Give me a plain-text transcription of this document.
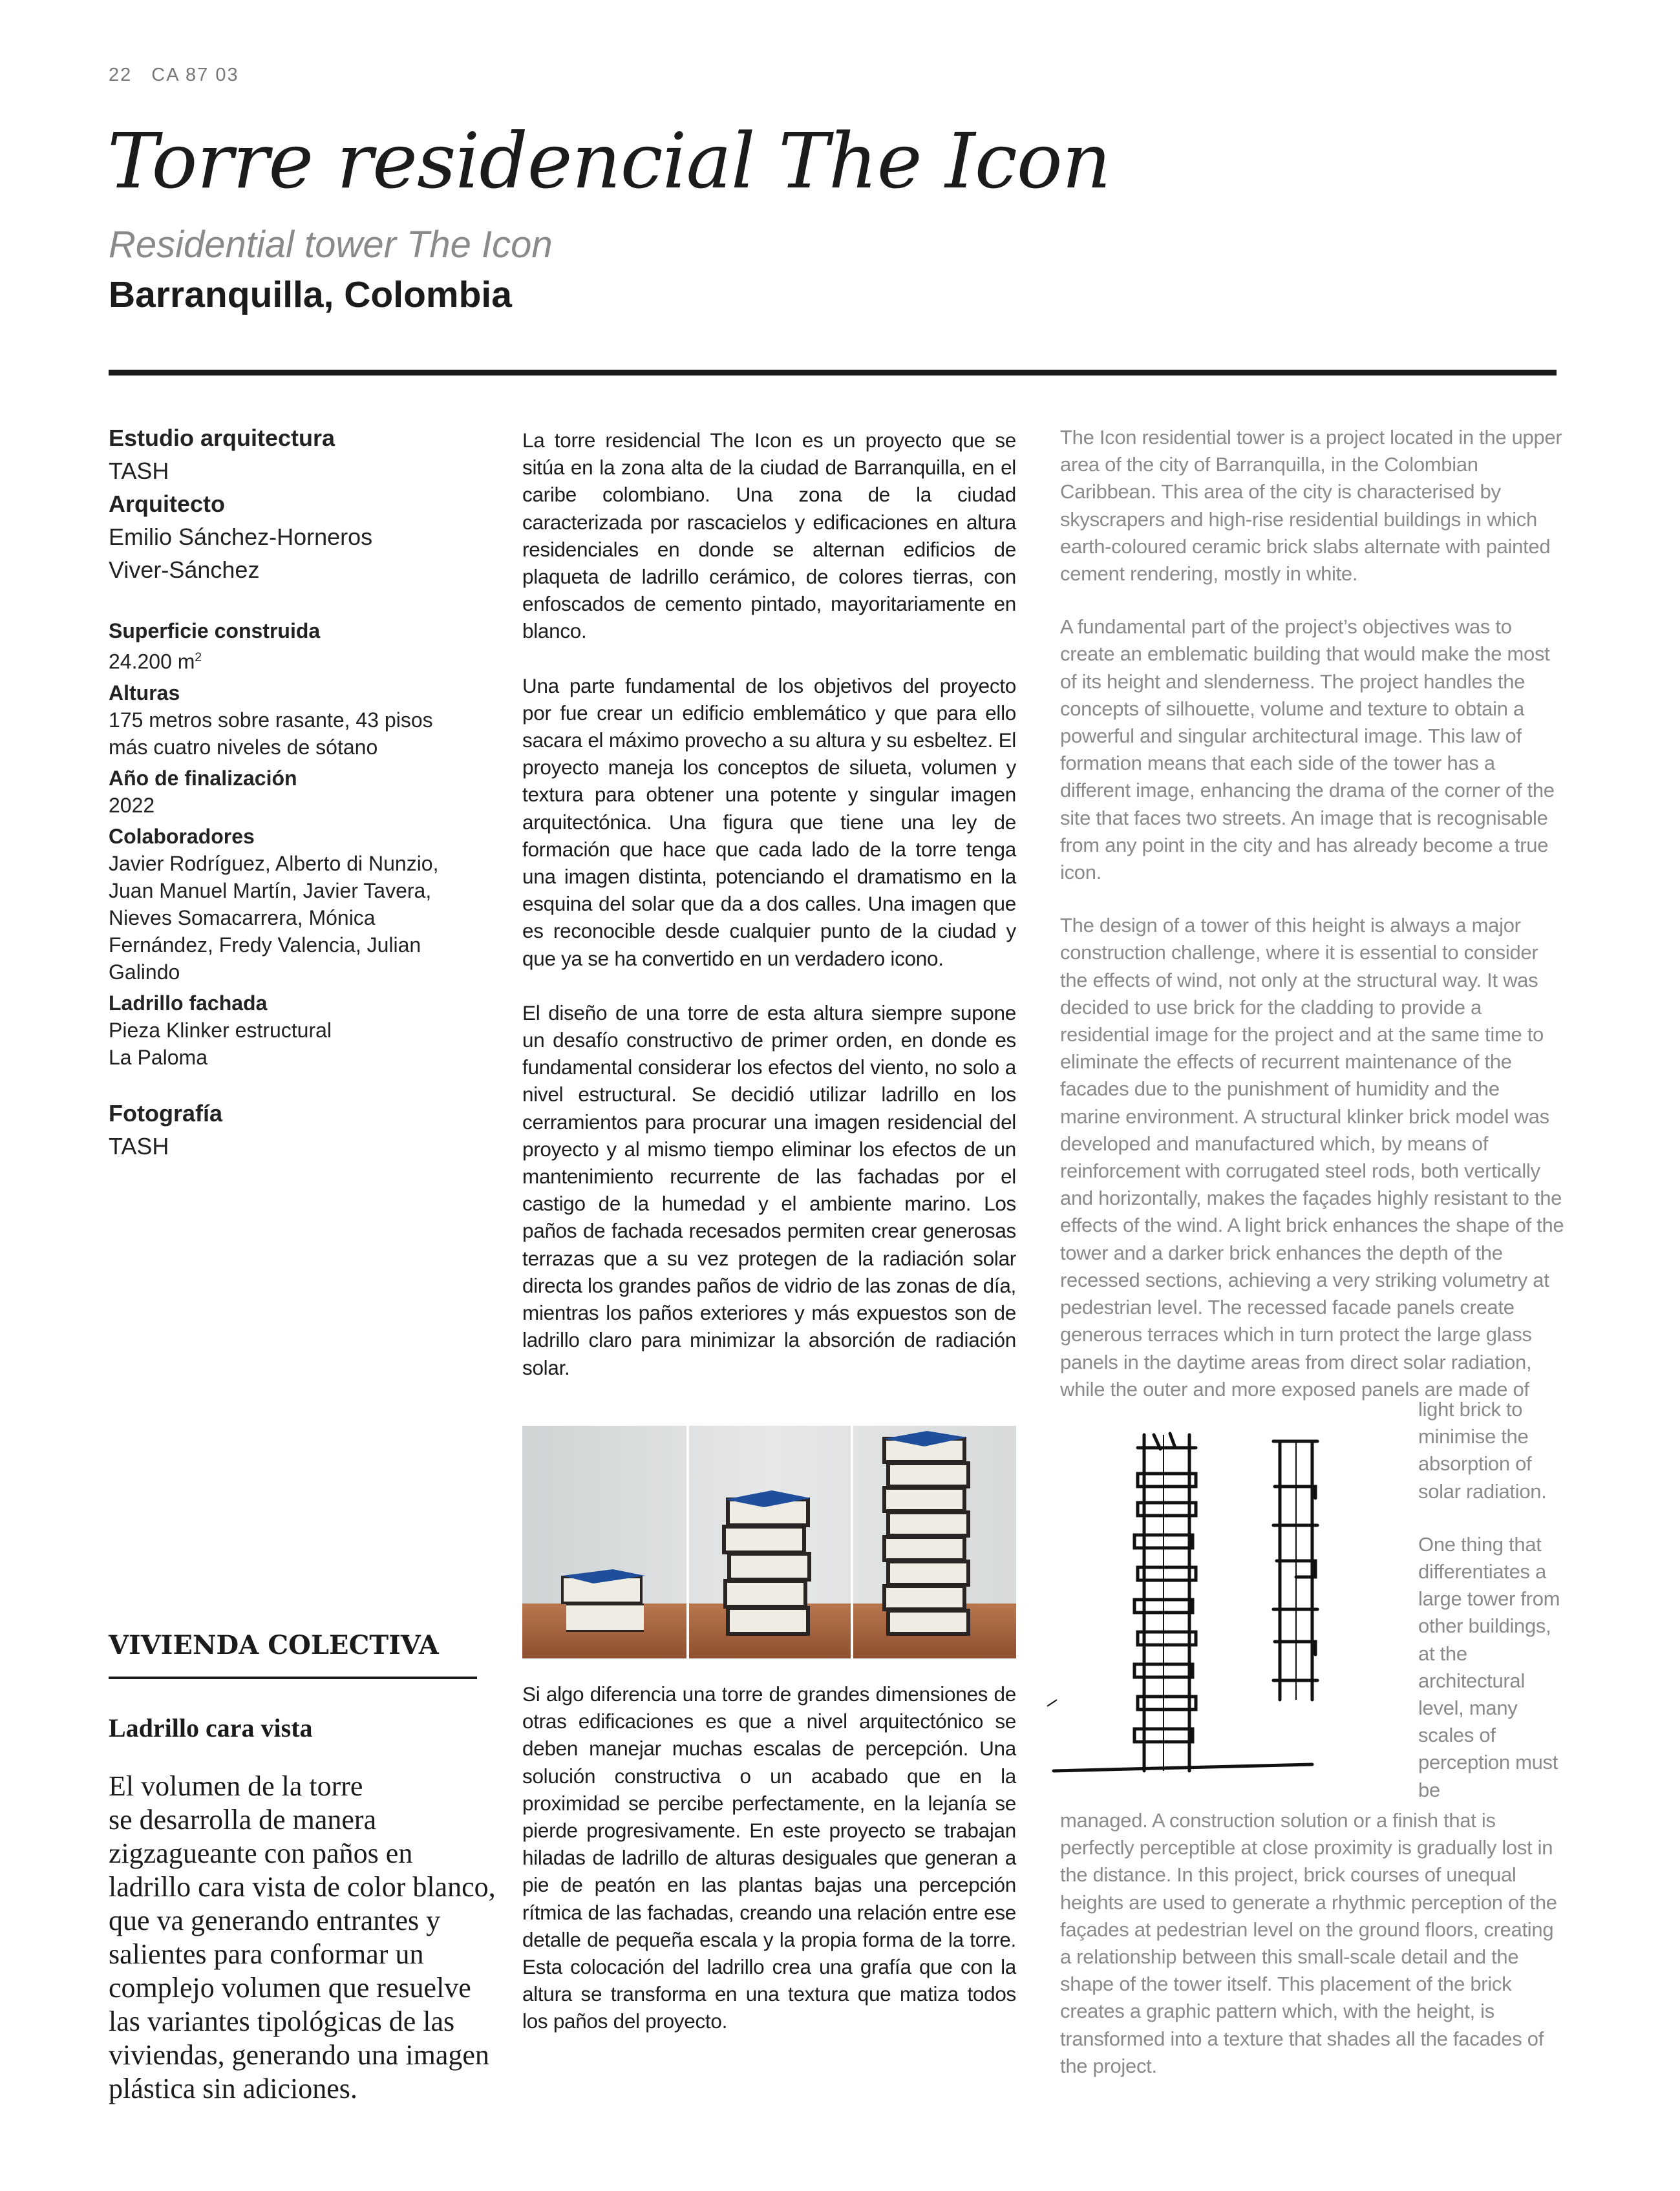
22 CA 87 03
Torre residencial The Icon
Residential tower The Icon
Barranquilla, Colombia
Estudio arquitectura
TASH
Arquitecto
Emilio Sánchez-Horneros
Viver-Sánchez
Superficie construida
24.200 $m^2$
Alturas
175 metros sobre rasante, 43 pisos
más cuatro niveles de sótano
Año de finalización
2022
Colaboradores
Javier Rodríguez, Alberto di Nunzio,
Juan Manuel Martín, Javier Tavera,
Nieves Somacarrera, Mónica
Fernández, Fredy Valencia, Julian
Galindo
Ladrillo fachada
Pieza Klinker estructural
La Paloma
Fotografía
TASH

La torre residencial The Icon es un proyecto que se sitúa en la zona alta de la ciudad de Barranquilla, en el caribe colombiano. Una zona de la ciudad caracterizada por rascacielos y edificaciones en altura residenciales en donde se alternan edificios de plaqueta de ladrillo cerámico, de colores tierras, con enfoscados de cemento pintado, mayoritariamente en blanco.

Una parte fundamental de los objetivos del proyecto por fue crear un edificio emblemático y que para ello sacara el máximo provecho a su altura y su esbeltez. El proyecto maneja los conceptos de silueta, volumen y textura para obtener una potente y singular imagen arquitectónica. Una figura que tiene una ley de formación que hace que cada lado de la torre tenga una imagen distinta, potenciando el dramatismo en la esquina del solar que da a dos calles. Una imagen que es reconocible desde cualquier punto de la ciudad y que ya se ha convertido en un verdadero icono.

El diseño de una torre de esta altura siempre supone un desafío constructivo de primer orden, en donde es fundamental considerar los efectos del viento, no solo a nivel estructural. Se decidió utilizar ladrillo en los cerramientos para procurar una imagen residencial del proyecto y al mismo tiempo eliminar los efectos de un mantenimiento recurrente de las fachadas por el castigo de la humedad y el ambiente marino. Los paños de fachada recesados permiten crear generosas terrazas que a su vez protegen de la radiación solar directa los grandes paños de vidrio de las zonas de día, mientras los paños exteriores y más expuestos son de ladrillo claro para minimizar la absorción de radiación solar.

Si algo diferencia una torre de grandes dimensiones de otras edificaciones es que a nivel arquitectónico se deben manejar muchas escalas de percepción. Una solución constructiva o un acabado que en la proximidad se percibe perfectamente, en la lejanía se pierde progresivamente. En este proyecto se trabajan hiladas de ladrillo de alturas desiguales que generan a pie de peatón en las plantas bajas una percepción rítmica de las fachadas, creando una relación entre ese detalle de pequeña escala y la propia forma de la torre. Esta colocación del ladrillo crea una grafía que con la altura se transforma en una textura que matiza todos los paños del proyecto.

The Icon residential tower is a project located in the upper area of the city of Barranquilla, in the Colombian Caribbean. This area of the city is characterised by skyscrapers and high-rise residential buildings in which earth-coloured ceramic brick slabs alternate with painted cement rendering, mostly in white.

A fundamental part of the project’s objectives was to create an emblematic building that would make the most of its height and slenderness. The project handles the concepts of silhouette, volume and texture to obtain a powerful and singular architectural image. This law of formation means that each side of the tower has a different image, enhancing the drama of the corner of the site that faces two streets. An image that is recognisable from any point in the city and has already become a true icon.

The design of a tower of this height is always a major construction challenge, where it is essential to consider the effects of wind, not only at the structural way. It was decided to use brick for the cladding to provide a residential image for the project and at the same time to eliminate the effects of recurrent maintenance of the facades due to the punishment of humidity and the marine environment. A structural klinker brick model was developed and manufactured which, by means of reinforcement with corrugated steel rods, both vertically and horizontally, makes the façades highly resistant to the effects of the wind. A light brick enhances the shape of the tower and a darker brick enhances the depth of the recessed sections, achieving a very striking volumetry at pedestrian level. The recessed facade panels create generous terraces which in turn protect the large glass panels in the daytime areas from direct solar radiation, while the outer and more exposed panels are made of

light brick to minimise the absorption of solar radiation.

One thing that differentiates a large tower from other buildings, at the architectural level, many scales of perception must be

managed. A construction solution or a finish that is perfectly perceptible at close proximity is gradually lost in the distance. In this project, brick courses of unequal heights are used to generate a rhythmic perception of the façades at pedestrian level on the ground floors, creating a relationship between this small-scale detail and the shape of the tower itself. This placement of the brick creates a graphic pattern which, with the height, is transformed into a texture that shades all the facades of the project.

VIVIENDA COLECTIVA
Ladrillo cara vista
El volumen de la torre
se desarrolla de manera
zigzagueante con paños en
ladrillo cara vista de color blanco,
que va generando entrantes y
salientes para conformar un
complejo volumen que resuelve
las variantes tipológicas de las
viviendas, generando una imagen
plástica sin adiciones.
